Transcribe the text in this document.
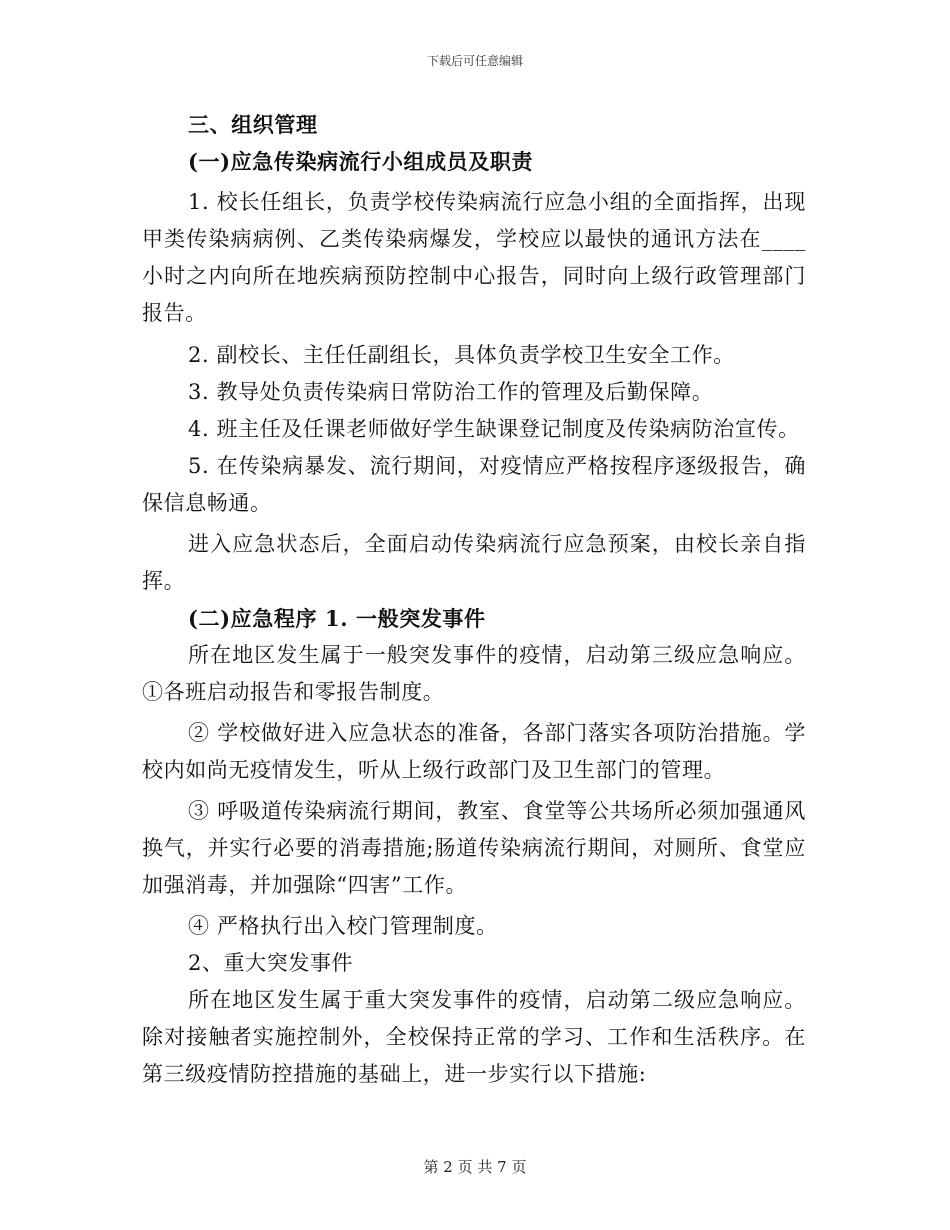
下载后可任意编辑

三、组织管理

(一)应急传染病流行小组成员及职责

1. 校长任组长，负责学校传染病流行应急小组的全面指挥，出现甲类传染病病例、乙类传染病爆发，学校应以最快的通讯方法在____小时之内向所在地疾病预防控制中心报告，同时向上级行政管理部门报告。

2. 副校长、主任任副组长，具体负责学校卫生安全工作。

3. 教导处负责传染病日常防治工作的管理及后勤保障。

4. 班主任及任课老师做好学生缺课登记制度及传染病防治宣传。

5. 在传染病暴发、流行期间，对疫情应严格按程序逐级报告，确保信息畅通。

进入应急状态后，全面启动传染病流行应急预案，由校长亲自指挥。

(二)应急程序 1. 一般突发事件

所在地区发生属于一般突发事件的疫情，启动第三级应急响应。①各班启动报告和零报告制度。

② 学校做好进入应急状态的准备，各部门落实各项防治措施。学校内如尚无疫情发生，听从上级行政部门及卫生部门的管理。

③ 呼吸道传染病流行期间，教室、食堂等公共场所必须加强通风换气，并实行必要的消毒措施;肠道传染病流行期间，对厕所、食堂应加强消毒，并加强除“四害”工作。

④ 严格执行出入校门管理制度。

2、重大突发事件

所在地区发生属于重大突发事件的疫情，启动第二级应急响应。除对接触者实施控制外，全校保持正常的学习、工作和生活秩序。在第三级疫情防控措施的基础上，进一步实行以下措施:

第 2 页 共 7 页
